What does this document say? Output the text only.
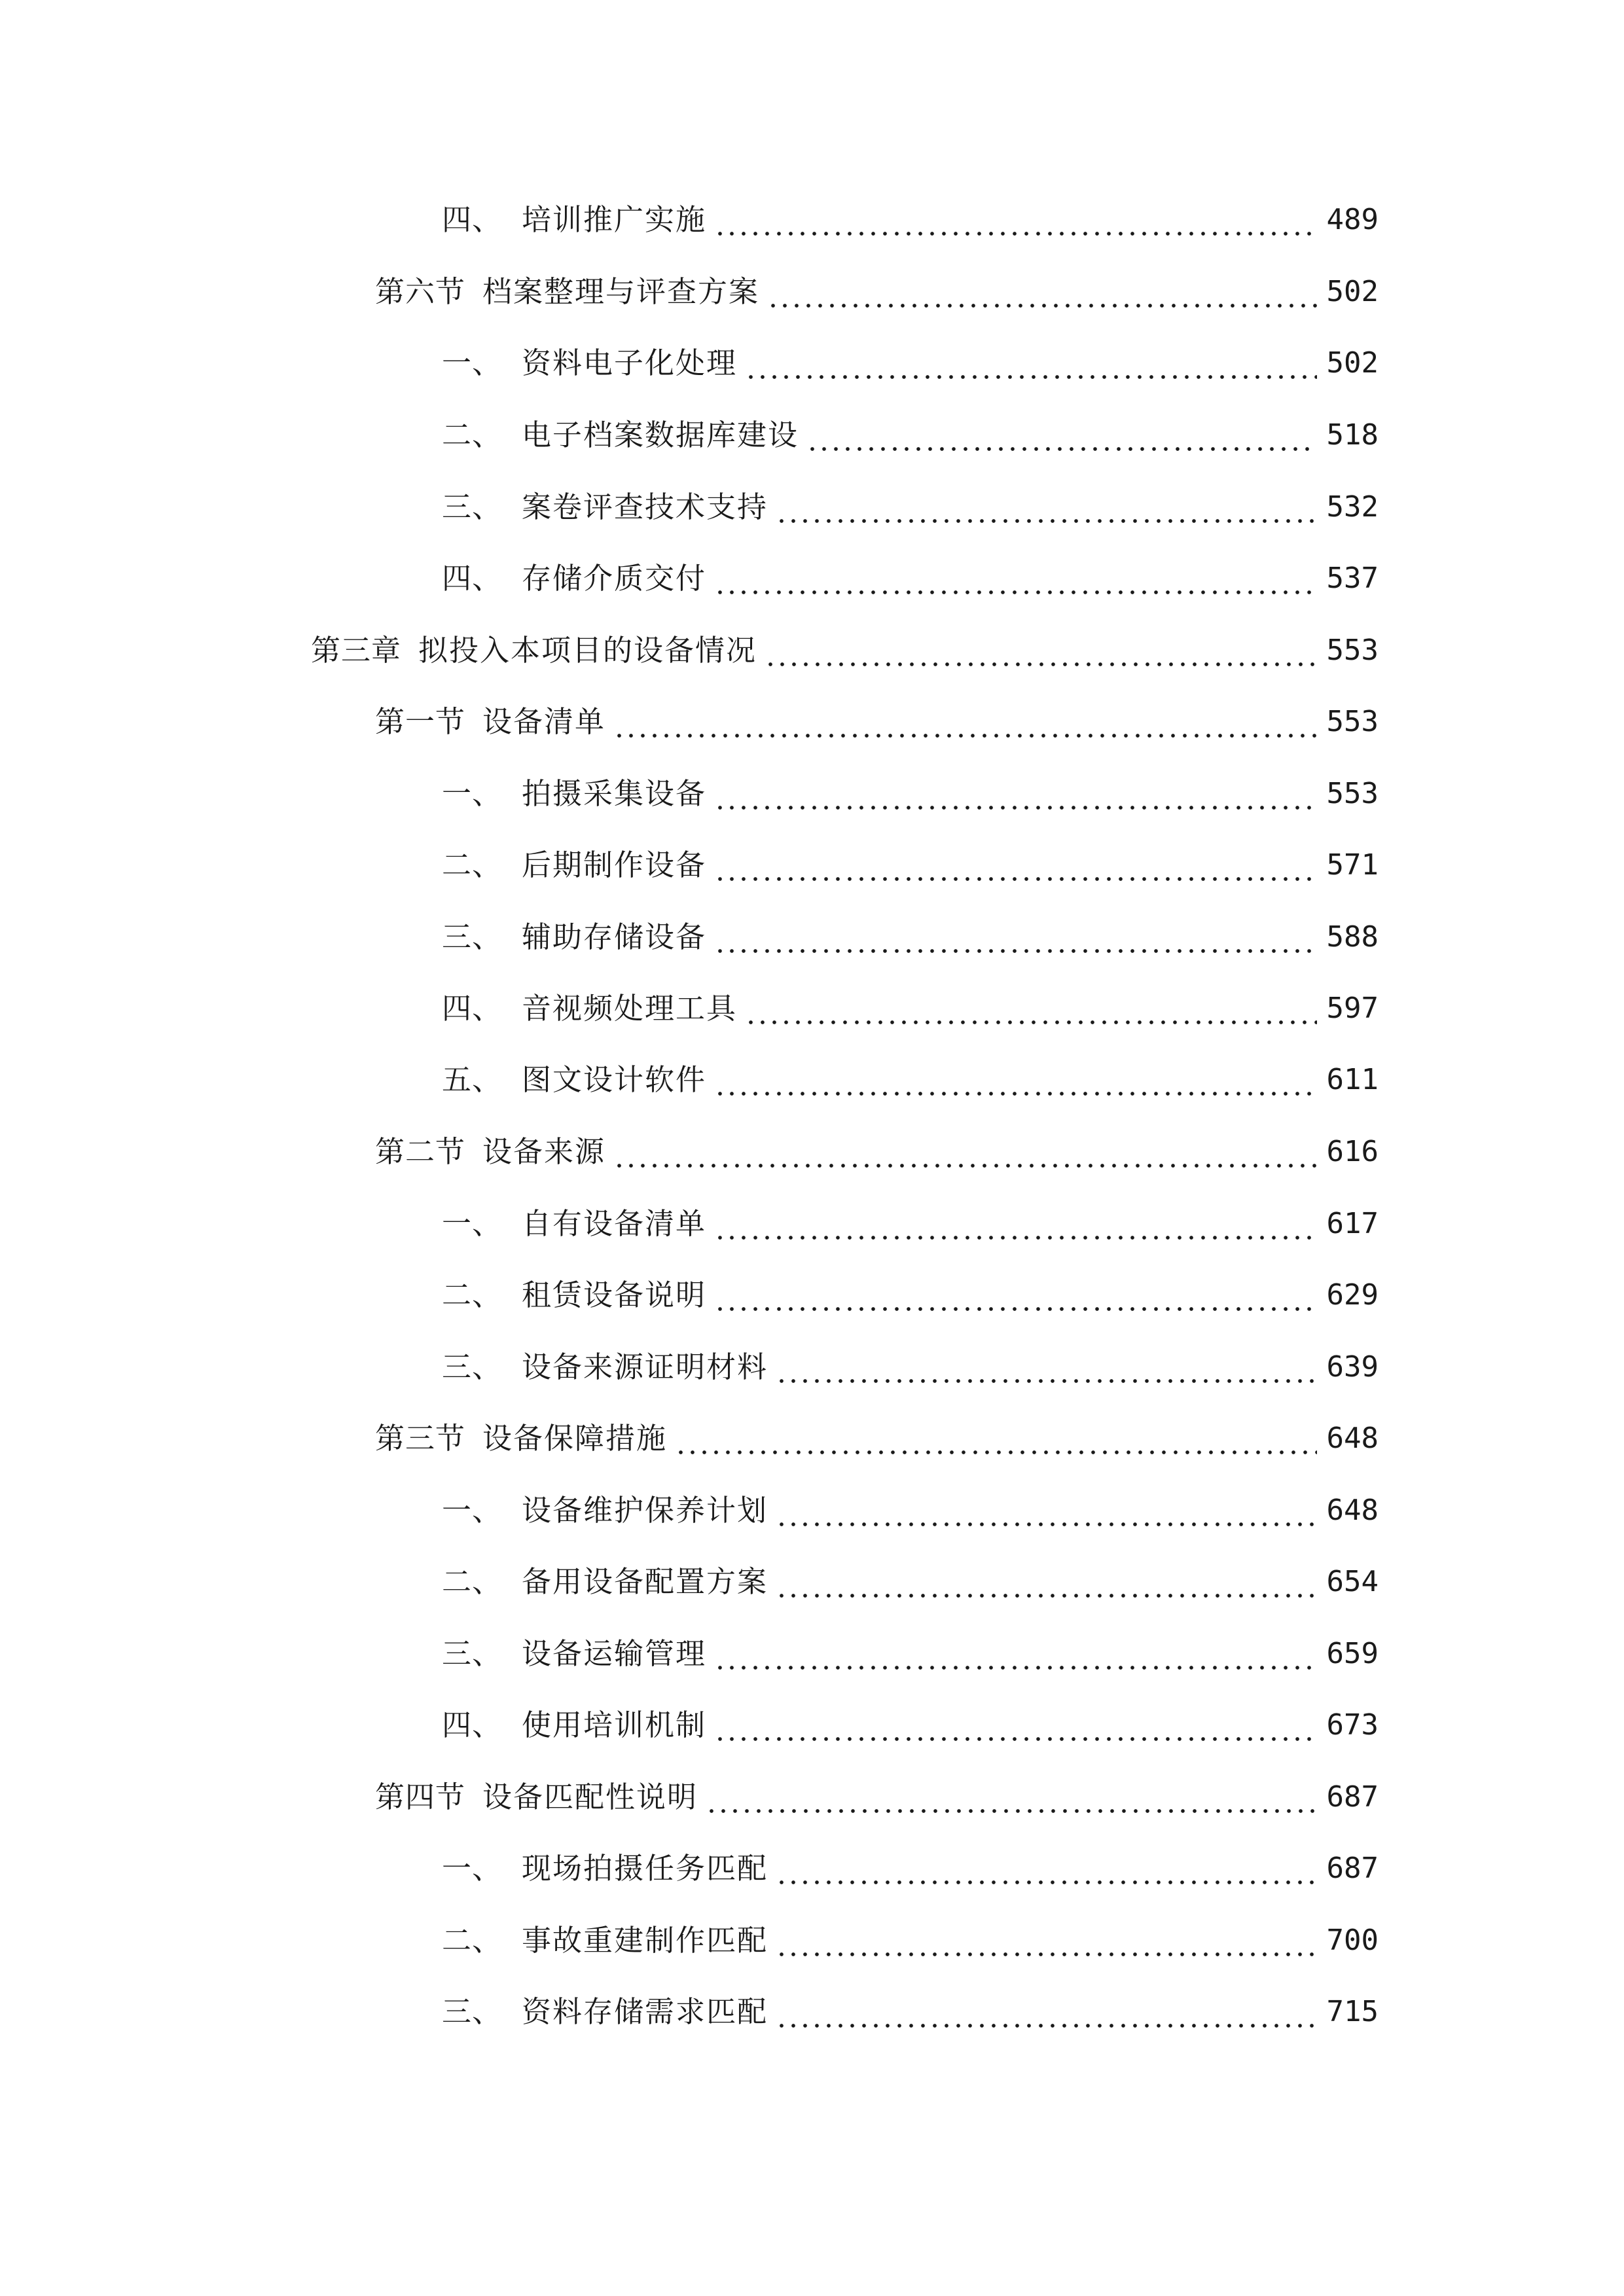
四、 培训推广实施	489
第六节 档案整理与评查方案	502
一、 资料电子化处理	502
二、 电子档案数据库建设	518
三、 案卷评查技术支持	532
四、 存储介质交付	537
第三章 拟投入本项目的设备情况	553
第一节 设备清单	553
一、 拍摄采集设备	553
二、 后期制作设备	571
三、 辅助存储设备	588
四、 音视频处理工具	597
五、 图文设计软件	611
第二节 设备来源	616
一、 自有设备清单	617
二、 租赁设备说明	629
三、 设备来源证明材料	639
第三节 设备保障措施	648
一、 设备维护保养计划	648
二、 备用设备配置方案	654
三、 设备运输管理	659
四、 使用培训机制	673
第四节 设备匹配性说明	687
一、 现场拍摄任务匹配	687
二、 事故重建制作匹配	700
三、 资料存储需求匹配	715
